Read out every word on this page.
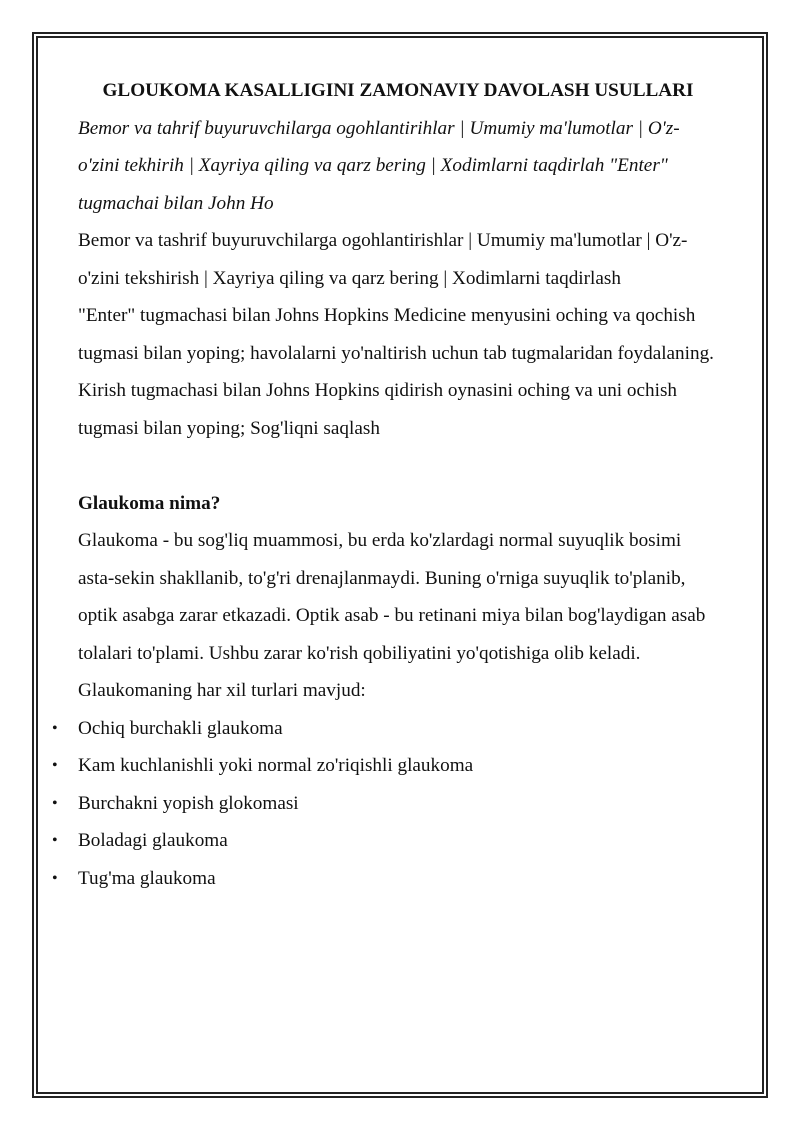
GLOUKOMA KASALLIGINI ZAMONAVIY DAVOLASH USULLARI

Bemor va tahrif buyuruvchilarga ogohlantirihlar | Umumiy ma'lumotlar | O'z-o'zini tekhirih | Xayriya qiling va qarz bering | Xodimlarni taqdirlah "Enter" tugmachai bilan John Ho

Bemor va tashrif buyuruvchilarga ogohlantirishlar | Umumiy ma'lumotlar | O'z-o'zini tekshirish | Xayriya qiling va qarz bering | Xodimlarni taqdirlash

"Enter" tugmachasi bilan Johns Hopkins Medicine menyusini oching va qochish tugmasi bilan yoping; havolalarni yo'naltirish uchun tab tugmalaridan foydalaning. Kirish tugmachasi bilan Johns Hopkins qidirish oynasini oching va uni ochish tugmasi bilan yoping; Sog'liqni saqlash

Glaukoma nima?

Glaukoma - bu sog'liq muammosi, bu erda ko'zlardagi normal suyuqlik bosimi asta-sekin shakllanib, to'g'ri drenajlanmaydi. Buning o'rniga suyuqlik to'planib, optik asabga zarar etkazadi. Optik asab - bu retinani miya bilan bog'laydigan asab tolalari to'plami. Ushbu zarar ko'rish qobiliyatini yo'qotishiga olib keladi.

Glaukomaning har xil turlari mavjud:

• Ochiq burchakli glaukoma
• Kam kuchlanishli yoki normal zo'riqishli glaukoma
• Burchakni yopish glokomasi
• Boladagi glaukoma
• Tug'ma glaukoma
